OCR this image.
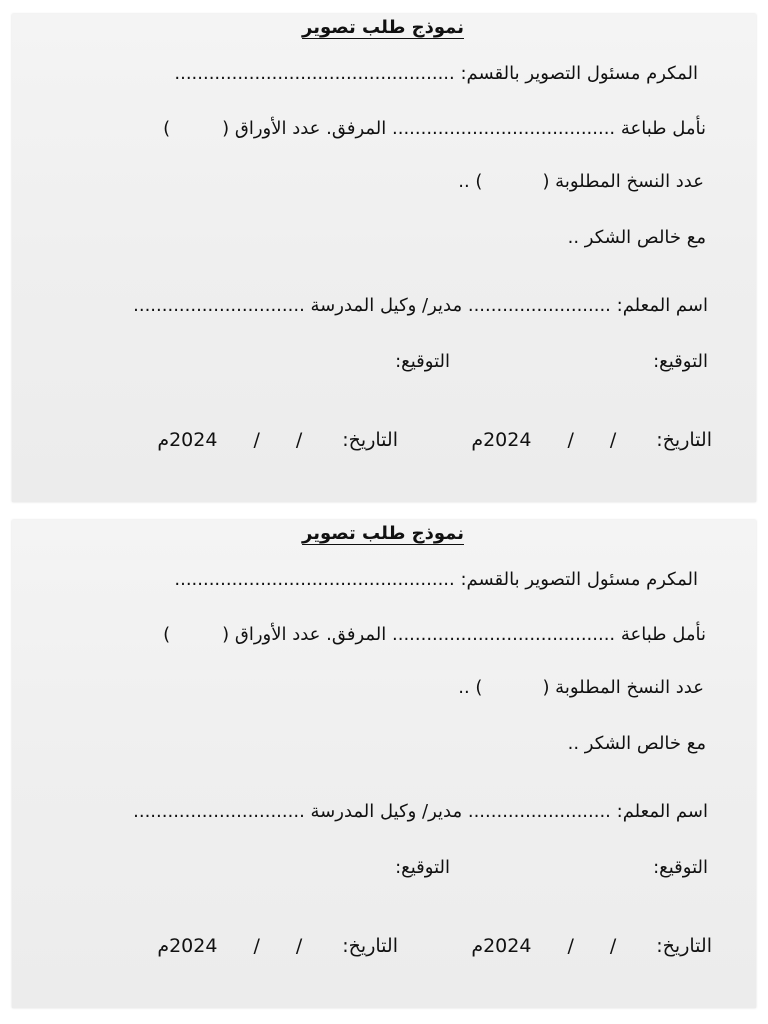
نموذج طلب تصوير
المكرم مسئول التصوير بالقسم: .................................................
نأمل طباعة ....................................... المرفق. عدد الأوراق ()
عدد النسخ المطلوبة () ..
مع خالص الشكر ..
اسم المعلم: ......................... مدير/ وكيل المدرسة ..............................
التوقيع:
التوقيع:
التاريخ://2024م
التاريخ://2024م
نموذج طلب تصوير
المكرم مسئول التصوير بالقسم: .................................................
نأمل طباعة ....................................... المرفق. عدد الأوراق ()
عدد النسخ المطلوبة () ..
مع خالص الشكر ..
اسم المعلم: ......................... مدير/ وكيل المدرسة ..............................
التوقيع:
التوقيع:
التاريخ://2024م
التاريخ://2024م
